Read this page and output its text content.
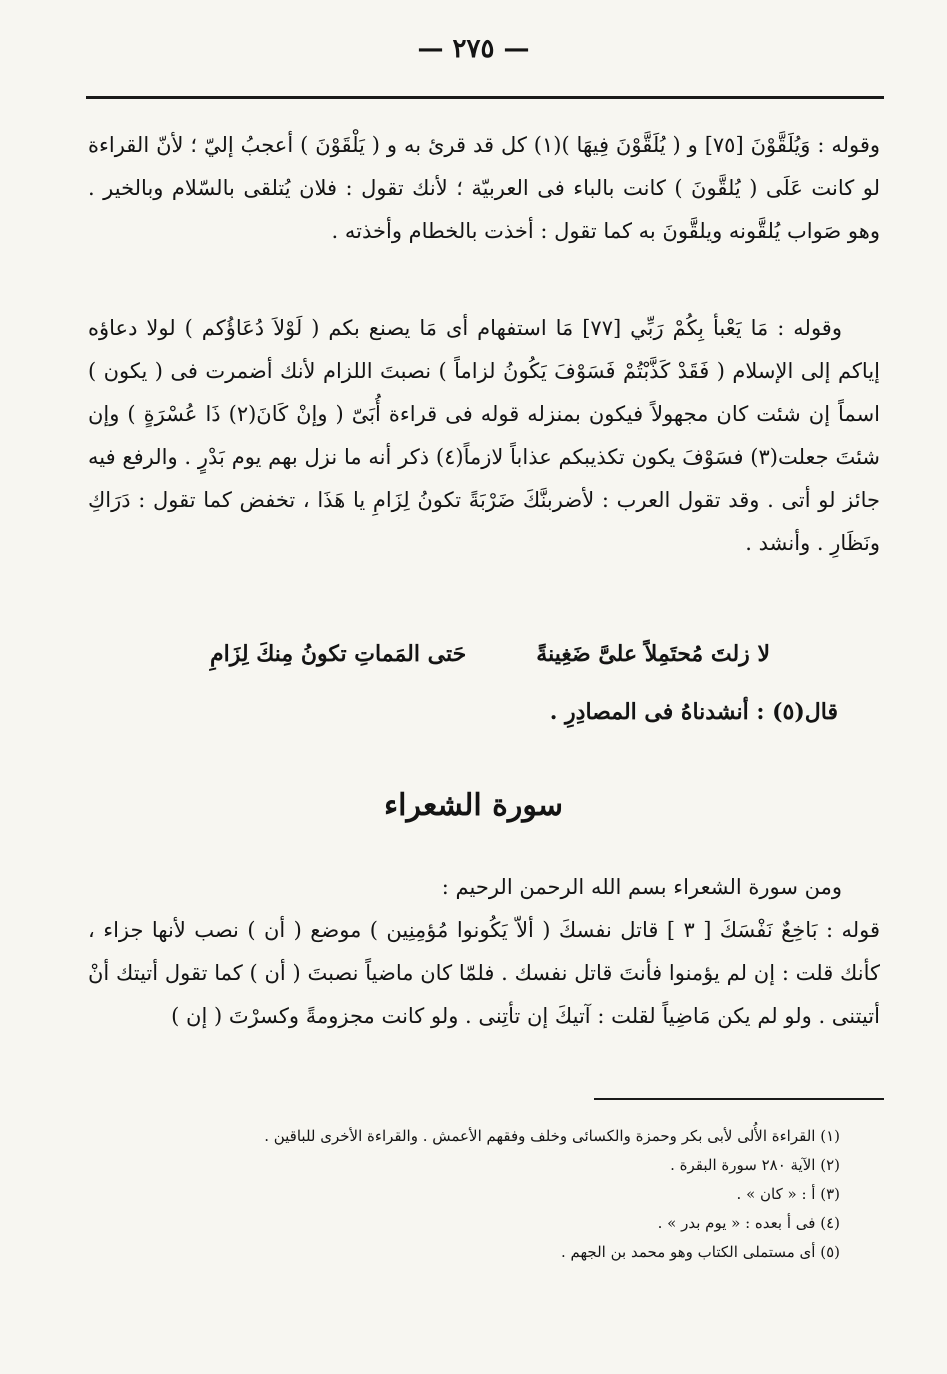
— ٢٧٥ —

وقوله : وَيُلَقَّوْنَ [٧٥] و ( يُلَقَّوْنَ فِيهَا )(١) كل قد قرئ به و ( يَلْقَوْنَ ) أعجبُ إليّ ؛ لأنّ القراءة لو كانت عَلَى ( يُلقَّونَ ) كانت بالباء فى العربيّة ؛ لأنك تقول : فلان يُتلقى بالسّلام وبالخير . وهو صَواب يُلقَّونه ويلقَّونَ به كما تقول : أخذت بالخطام وأخذته .

وقوله : مَا يَعْبأ بِكُمْ رَبِّي [٧٧] مَا استفهام أى مَا يصنع بكم ( لَوْلاَ دُعَاؤُكم ) لولا دعاؤه إياكم إلى الإسلام ( فَقَدْ كَذَّبْتُمْ فَسَوْفَ يَكُونُ لزاماً ) نصبتَ اللزام لأنك أضمرت فى ( يكون ) اسماً إن شئت كان مجهولاً فيكون بمنزله قوله فى قراءة أُبَىّ ( وإنْ كَانَ(٢) ذَا عُسْرَةٍ ) وإن شئتَ جعلت(٣) فسَوْفَ يكون تكذيبكم عذاباً لازماً(٤) ذكر أنه ما نزل بهم يوم بَدْرٍ . والرفع فيه جائز لو أتى . وقد تقول العرب : لأضربنَّكَ ضَرْبَةً تكونُ لِزَامِ يا هَذَا ، تخفض كما تقول : دَرَاكِ ونَظَارِ . وأنشد .

لا زلتَ مُحتَمِلاً علىَّ ضَغِينةً
حَتى المَماتِ تكونُ مِنكَ لِزَامِ
قال(٥) : أنشدناهُ فى المصادِرِ .
سورة الشعراء

ومن سورة الشعراء بسم الله الرحمن الرحيم :

قوله : بَاخِعٌ نَفْسَكَ [ ٣ ] قاتل نفسكَ ( ألاّ يَكُونوا مُؤمِنِين ) موضع ( أن ) نصب لأنها جزاء ، كأنك قلت : إن لم يؤمنوا فأنتَ قاتل نفسك . فلمّا كان ماضياً نصبتَ ( أن ) كما تقول أتيتك أنْ أتيتنى . ولو لم يكن مَاضِياً لقلت : آتيكَ إن تأتِنى . ولو كانت مجزومةً وكسرْتَ ( إن )

(١) القراءة الأُلى لأبى بكر وحمزة والكسائى وخلف وفقهم الأعمش . والقراءة الأخرى للباقين .
(٢) الآية ٢٨٠ سورة البقرة .
(٣) أ : « كان » .
(٤) فى أ بعده : « يوم بدر » .
(٥) أى مستملى الكتاب وهو محمد بن الجهم .
